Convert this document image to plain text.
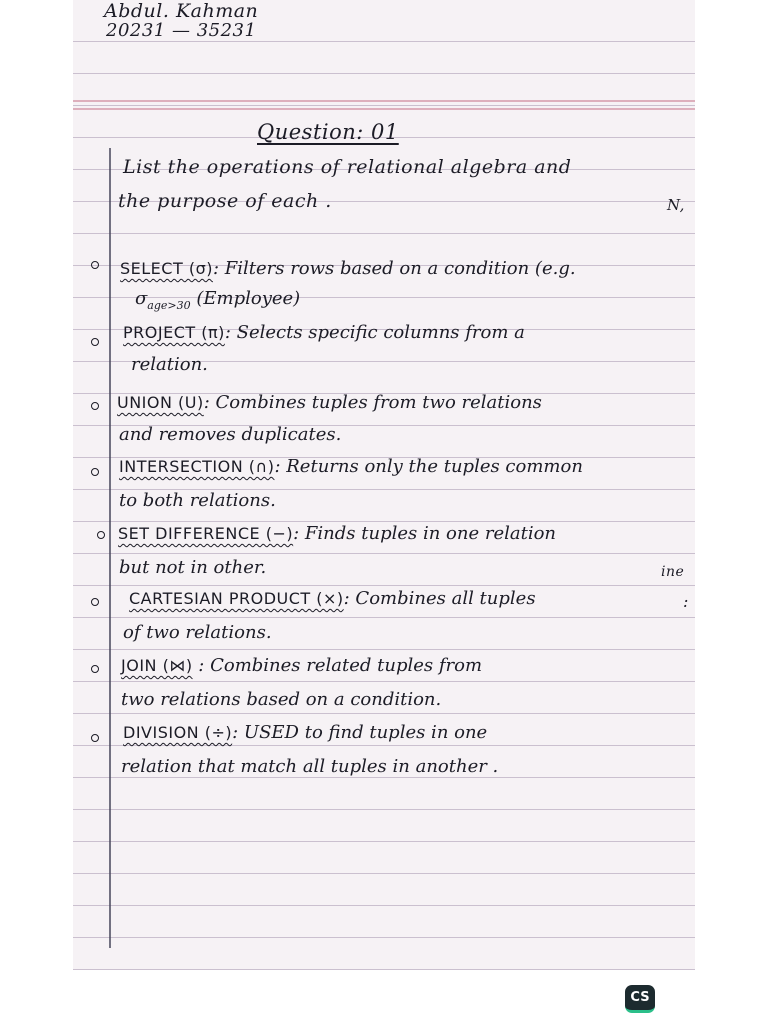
Abdul. Kahman
20231 — 35231
Question: 01
List the operations of relational algebra and
the purpose of each .	N,
ine
:
SELECT (σ): Filters rows based on a condition (e.g.
$\sigma_{age>30}$ (Employee)
PROJECT (π): Selects specific columns from a
relation.
UNION (U): Combines tuples from two relations
and removes duplicates.
INTERSECTION (∩): Returns only the tuples common
to both relations.
SET DIFFERENCE (−): Finds tuples in one relation
but not in other.
CARTESIAN PRODUCT (×): Combines all tuples
of two relations.
JOIN (⋈) : Combines related tuples from
two relations based on a condition.
DIVISION (÷): USED to find tuples in one
relation that match all tuples in another .
CS
